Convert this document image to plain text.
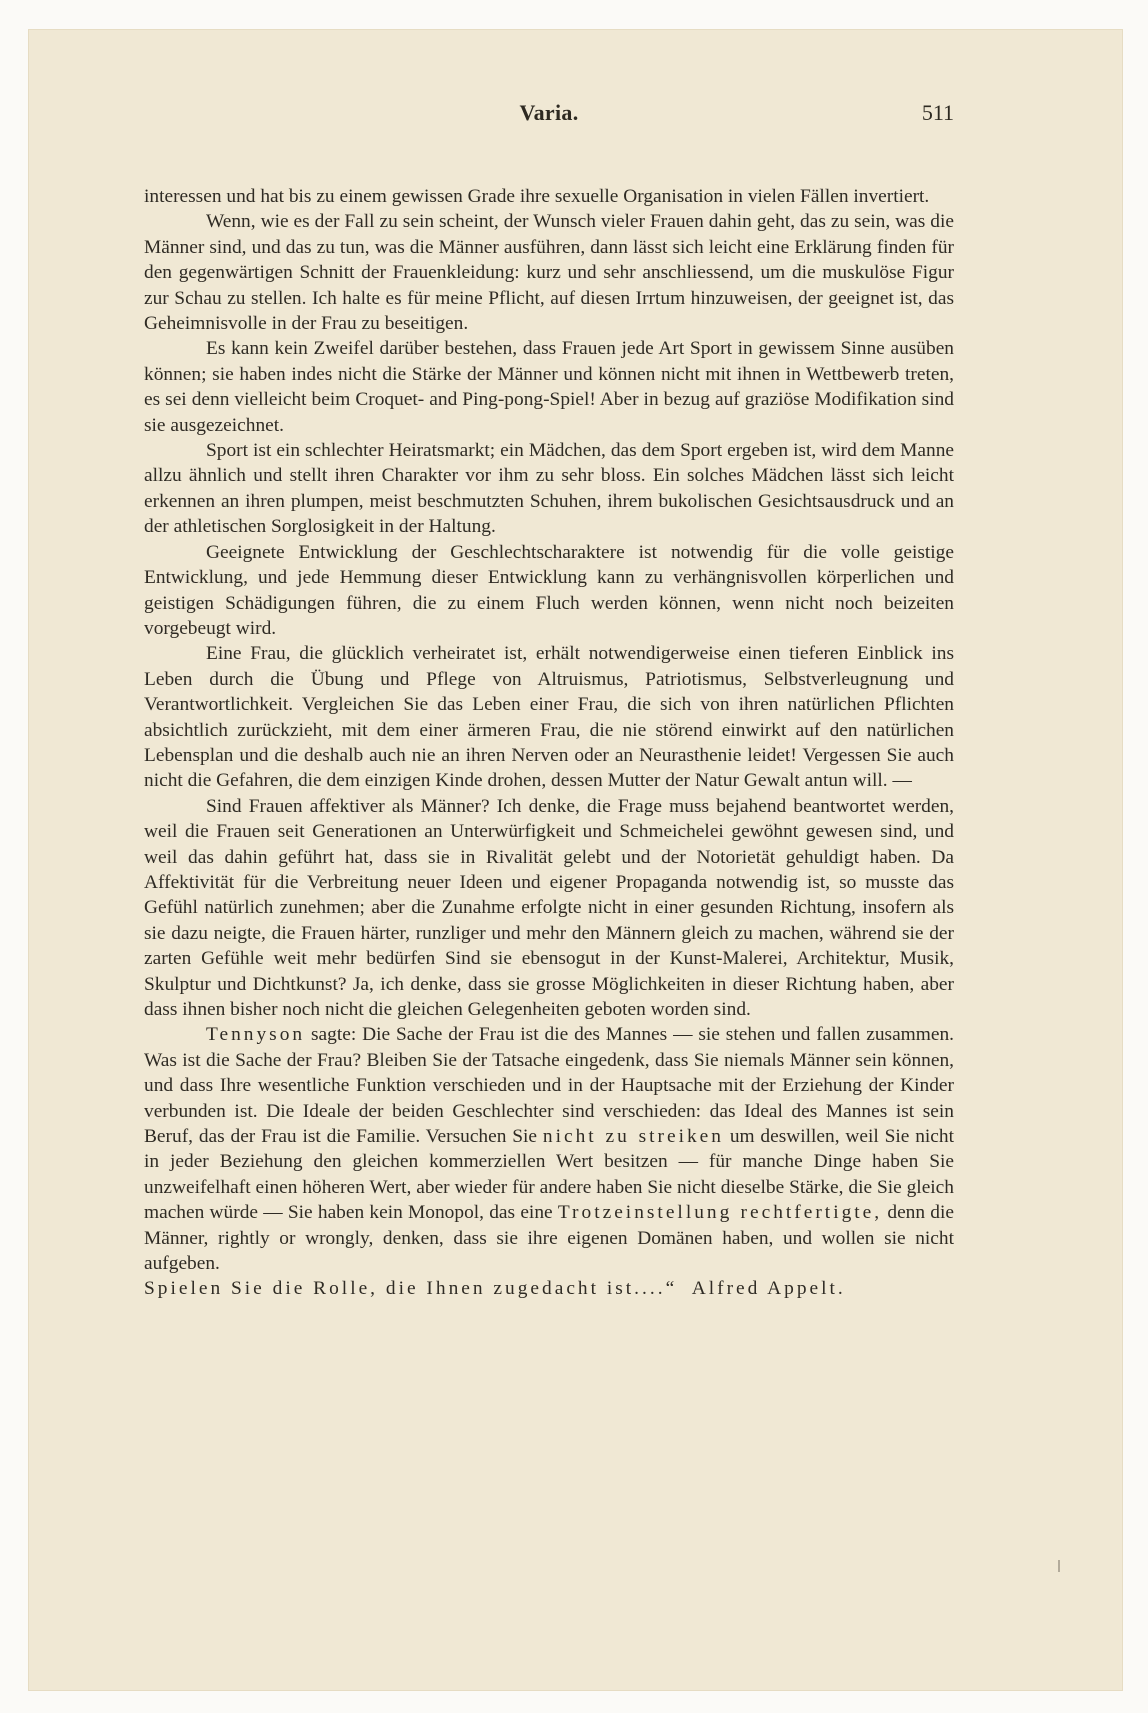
Varia.	511

interessen und hat bis zu einem gewissen Grade ihre sexuelle Organisation in vielen Fällen invertiert.

Wenn, wie es der Fall zu sein scheint, der Wunsch vieler Frauen dahin geht, das zu sein, was die Männer sind, und das zu tun, was die Männer ausführen, dann lässt sich leicht eine Erklärung finden für den gegenwärtigen Schnitt der Frauenkleidung: kurz und sehr anschliessend, um die muskulöse Figur zur Schau zu stellen. Ich halte es für meine Pflicht, auf diesen Irrtum hinzuweisen, der geeignet ist, das Geheimnisvolle in der Frau zu beseitigen.

Es kann kein Zweifel darüber bestehen, dass Frauen jede Art Sport in gewissem Sinne ausüben können; sie haben indes nicht die Stärke der Männer und können nicht mit ihnen in Wettbewerb treten, es sei denn vielleicht beim Croquet- and Ping-pong-Spiel! Aber in bezug auf graziöse Modifikation sind sie ausgezeichnet.

Sport ist ein schlechter Heiratsmarkt; ein Mädchen, das dem Sport ergeben ist, wird dem Manne allzu ähnlich und stellt ihren Charakter vor ihm zu sehr bloss. Ein solches Mädchen lässt sich leicht erkennen an ihren plumpen, meist beschmutzten Schuhen, ihrem bukolischen Gesichtsausdruck und an der athletischen Sorglosigkeit in der Haltung.

Geeignete Entwicklung der Geschlechtscharaktere ist notwendig für die volle geistige Entwicklung, und jede Hemmung dieser Entwicklung kann zu verhängnisvollen körperlichen und geistigen Schädigungen führen, die zu einem Fluch werden können, wenn nicht noch beizeiten vorgebeugt wird.

Eine Frau, die glücklich verheiratet ist, erhält notwendigerweise einen tieferen Einblick ins Leben durch die Übung und Pflege von Altruismus, Patriotismus, Selbstverleugnung und Verantwortlichkeit. Vergleichen Sie das Leben einer Frau, die sich von ihren natürlichen Pflichten absichtlich zurückzieht, mit dem einer ärmeren Frau, die nie störend einwirkt auf den natürlichen Lebensplan und die deshalb auch nie an ihren Nerven oder an Neurasthenie leidet! Vergessen Sie auch nicht die Gefahren, die dem einzigen Kinde drohen, dessen Mutter der Natur Gewalt antun will. —

Sind Frauen affektiver als Männer? Ich denke, die Frage muss bejahend beantwortet werden, weil die Frauen seit Generationen an Unterwürfigkeit und Schmeichelei gewöhnt gewesen sind, und weil das dahin geführt hat, dass sie in Rivalität gelebt und der Notorietät gehuldigt haben. Da Affektivität für die Verbreitung neuer Ideen und eigener Propaganda notwendig ist, so musste das Gefühl natürlich zunehmen; aber die Zunahme erfolgte nicht in einer gesunden Richtung, insofern als sie dazu neigte, die Frauen härter, runzliger und mehr den Männern gleich zu machen, während sie der zarten Gefühle weit mehr bedürfen Sind sie ebensogut in der Kunst-Malerei, Architektur, Musik, Skulptur und Dichtkunst? Ja, ich denke, dass sie grosse Möglichkeiten in dieser Richtung haben, aber dass ihnen bisher noch nicht die gleichen Gelegenheiten geboten worden sind.

Tennyson sagte: Die Sache der Frau ist die des Mannes — sie stehen und fallen zusammen. Was ist die Sache der Frau? Bleiben Sie der Tatsache eingedenk, dass Sie niemals Männer sein können, und dass Ihre wesentliche Funktion verschieden und in der Hauptsache mit der Erziehung der Kinder verbunden ist. Die Ideale der beiden Geschlechter sind verschieden: das Ideal des Mannes ist sein Beruf, das der Frau ist die Familie. Versuchen Sie nicht zu streiken um deswillen, weil Sie nicht in jeder Beziehung den gleichen kommerziellen Wert besitzen — für manche Dinge haben Sie unzweifelhaft einen höheren Wert, aber wieder für andere haben Sie nicht dieselbe Stärke, die Sie gleich machen würde — Sie haben kein Monopol, das eine Trotzeinstellung rechtfertigte, denn die Männer, rightly or wrongly, denken, dass sie ihre eigenen Domänen haben, und wollen sie nicht aufgeben.

Spielen Sie die Rolle, die Ihnen zugedacht ist....“ Alfred Appelt.
